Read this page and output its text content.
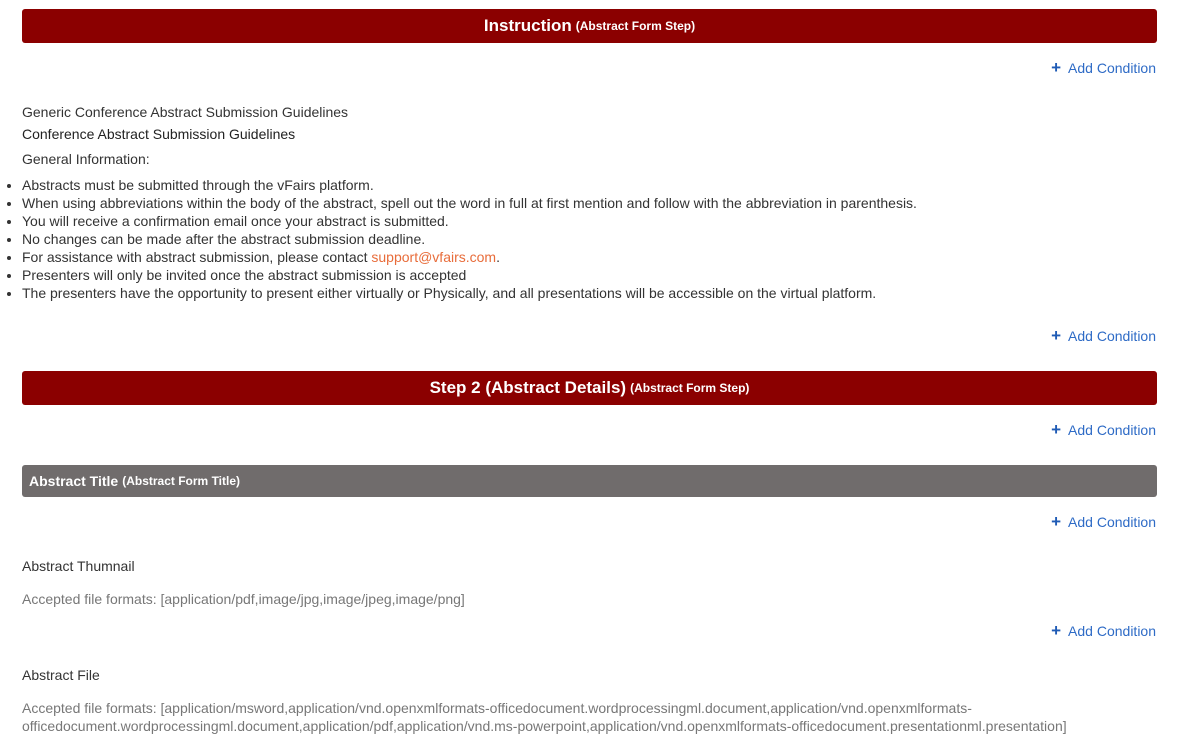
Instruction (Abstract Form Step)
+ Add Condition
Generic Conference Abstract Submission Guidelines
Conference Abstract Submission Guidelines
General Information:
• Abstracts must be submitted through the vFairs platform.
• When using abbreviations within the body of the abstract, spell out the word in full at first mention and follow with the abbreviation in parenthesis.
• You will receive a confirmation email once your abstract is submitted.
• No changes can be made after the abstract submission deadline.
• For assistance with abstract submission, please contact support@vfairs.com.
• Presenters will only be invited once the abstract submission is accepted
• The presenters have the opportunity to present either virtually or Physically, and all presentations will be accessible on the virtual platform.
+ Add Condition
Step 2 (Abstract Details) (Abstract Form Step)
+ Add Condition
Abstract Title (Abstract Form Title)
+ Add Condition
Abstract Thumnail
Accepted file formats: [application/pdf,image/jpg,image/jpeg,image/png]
+ Add Condition
Abstract File
Accepted file formats: [application/msword,application/vnd.openxmlformats-officedocument.wordprocessingml.document,application/vnd.openxmlformats-
officedocument.wordprocessingml.document,application/pdf,application/vnd.ms-powerpoint,application/vnd.openxmlformats-officedocument.presentationml.presentation]
